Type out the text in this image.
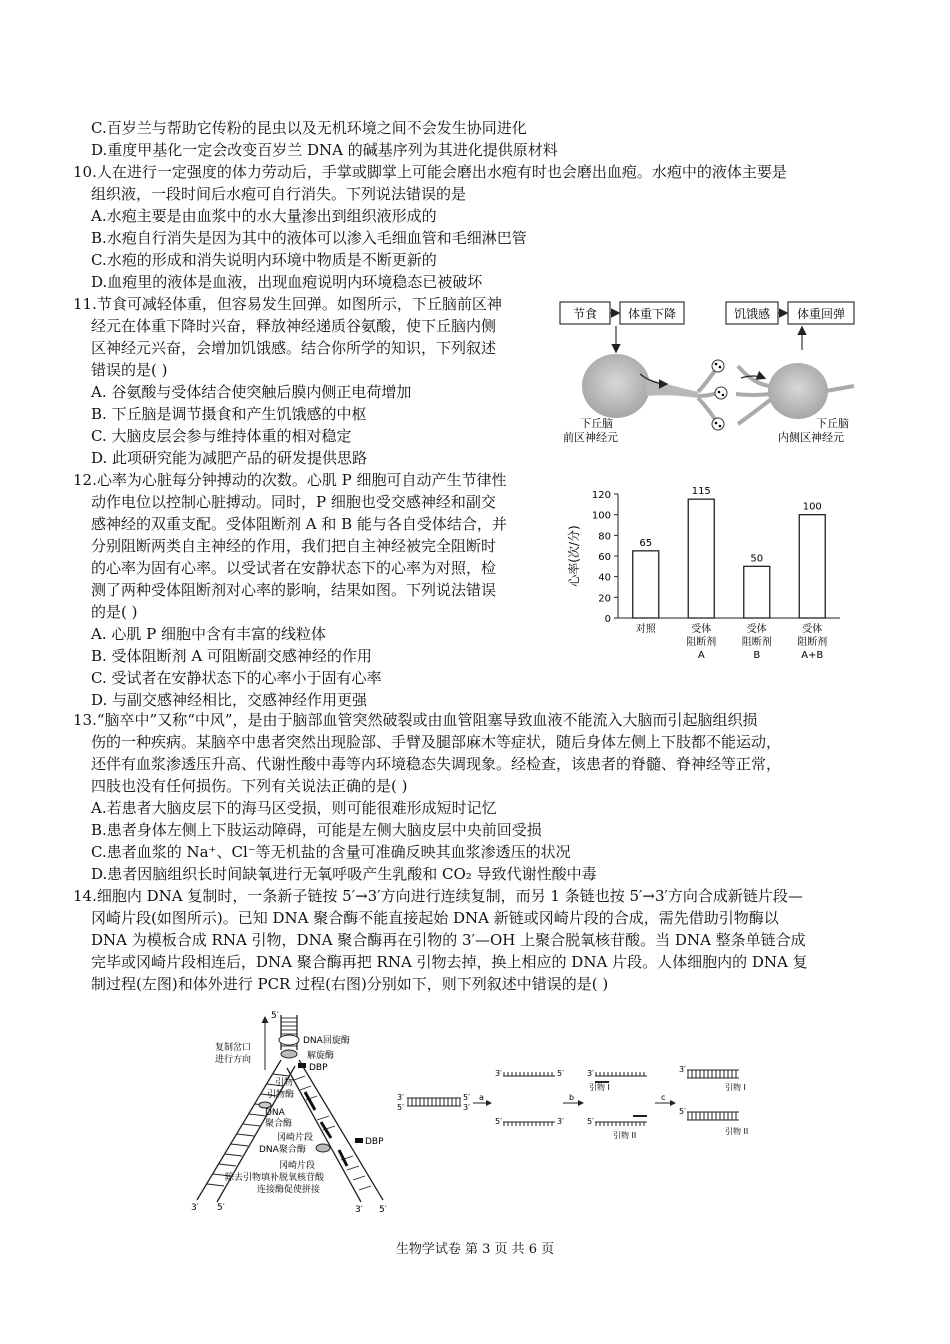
C.百岁兰与帮助它传粉的昆虫以及无机环境之间不会发生协同进化
D.重度甲基化一定会改变百岁兰 DNA 的碱基序列为其进化提供原材料
10.人在进行一定强度的体力劳动后，手掌或脚掌上可能会磨出水疱有时也会磨出血疱。水疱中的液体主要是
组织液，一段时间后水疱可自行消失。下列说法错误的是
A.水疱主要是由血浆中的水大量渗出到组织液形成的
B.水疱自行消失是因为其中的液体可以渗入毛细血管和毛细淋巴管
C.水疱的形成和消失说明内环境中物质是不断更新的
D.血疱里的液体是血液，出现血疱说明内环境稳态已被破坏
11.节食可减轻体重，但容易发生回弹。如图所示，下丘脑前区神
经元在体重下降时兴奋，释放神经递质谷氨酸，使下丘脑内侧
区神经元兴奋，会增加饥饿感。结合你所学的知识，下列叙述
错误的是( )
A. 谷氨酸与受体结合使突触后膜内侧正电荷增加
B. 下丘脑是调节摄食和产生饥饿感的中枢
C. 大脑皮层会参与维持体重的相对稳定
D. 此项研究能为减肥产品的研发提供思路
节食	体重下降	饥饿感 体重回弹
下丘脑
前区神经元
下丘脑
内侧区神经元
12.心率为心脏每分钟搏动的次数。心肌 P 细胞可自动产生节律性
动作电位以控制心脏搏动。同时，P 细胞也受交感神经和副交
感神经的双重支配。受体阻断剂 A 和 B 能与各自受体结合，并
分别阻断两类自主神经的作用，我们把自主神经被完全阻断时
的心率为固有心率。以受试者在安静状态下的心率为对照，检
测了两种受体阻断剂对心率的影响，结果如图。下列说法错误
的是( )
A. 心肌 P 细胞中含有丰富的线粒体
B. 受体阻断剂 A 可阻断副交感神经的作用
C. 受试者在安静状态下的心率小于固有心率
D. 与副交感神经相比，交感神经作用更强
心率(次/分)
0
20
40
60
80
100
120
65
对照
115
受体
阻断剂
A
50
受体
阻断剂
B
100
受体
阻断剂
A+B
13.“脑卒中”又称“中风”，是由于脑部血管突然破裂或由血管阻塞导致血液不能流入大脑而引起脑组织损
伤的一种疾病。某脑卒中患者突然出现脸部、手臂及腿部麻木等症状，随后身体左侧上下肢都不能运动，
还伴有血浆渗透压升高、代谢性酸中毒等内环境稳态失调现象。经检查，该患者的脊髓、脊神经等正常，
四肢也没有任何损伤。下列有关说法正确的是( )
A.若患者大脑皮层下的海马区受损，则可能很难形成短时记忆
B.患者身体左侧上下肢运动障碍，可能是左侧大脑皮层中央前回受损
C.患者血浆的 Na⁺、Cl⁻等无机盐的含量可准确反映其血浆渗透压的状况
D.患者因脑组织长时间缺氧进行无氧呼吸产生乳酸和 CO₂ 导致代谢性酸中毒
14.细胞内 DNA 复制时，一条新子链按 5′→3′方向进行连续复制，而另 1 条链也按 5′→3′方向合成新链片段—
冈崎片段(如图所示)。已知 DNA 聚合酶不能直接起始 DNA 新链或冈崎片段的合成，需先借助引物酶以
DNA 为模板合成 RNA 引物，DNA 聚合酶再在引物的 3′—OH 上聚合脱氧核苷酸。当 DNA 整条单链合成
完毕或冈崎片段相连后，DNA 聚合酶再把 RNA 引物去掉，换上相应的 DNA 片段。人体细胞内的 DNA 复
制过程(左图)和体外进行 PCR 过程(右图)分别如下，则下列叙述中错误的是( )
5′
DNA回旋酶
解旋酶
DBP
复制岔口
进行方向
引物
引物酶
DNA
聚合酶
冈崎片段
DNA聚合酶
DBP
冈崎片段
除去引物填补脱氧核苷酸
连接酶促使拼接
3′ 5′	3′ 5′
3′
5′
5′
3′
a
3′	5′
5′	3′
b
3′
引物 I
5′
引物 II
c
3′
引物 I
5′
引物 II
生物学试卷 第 3 页 共 6 页
